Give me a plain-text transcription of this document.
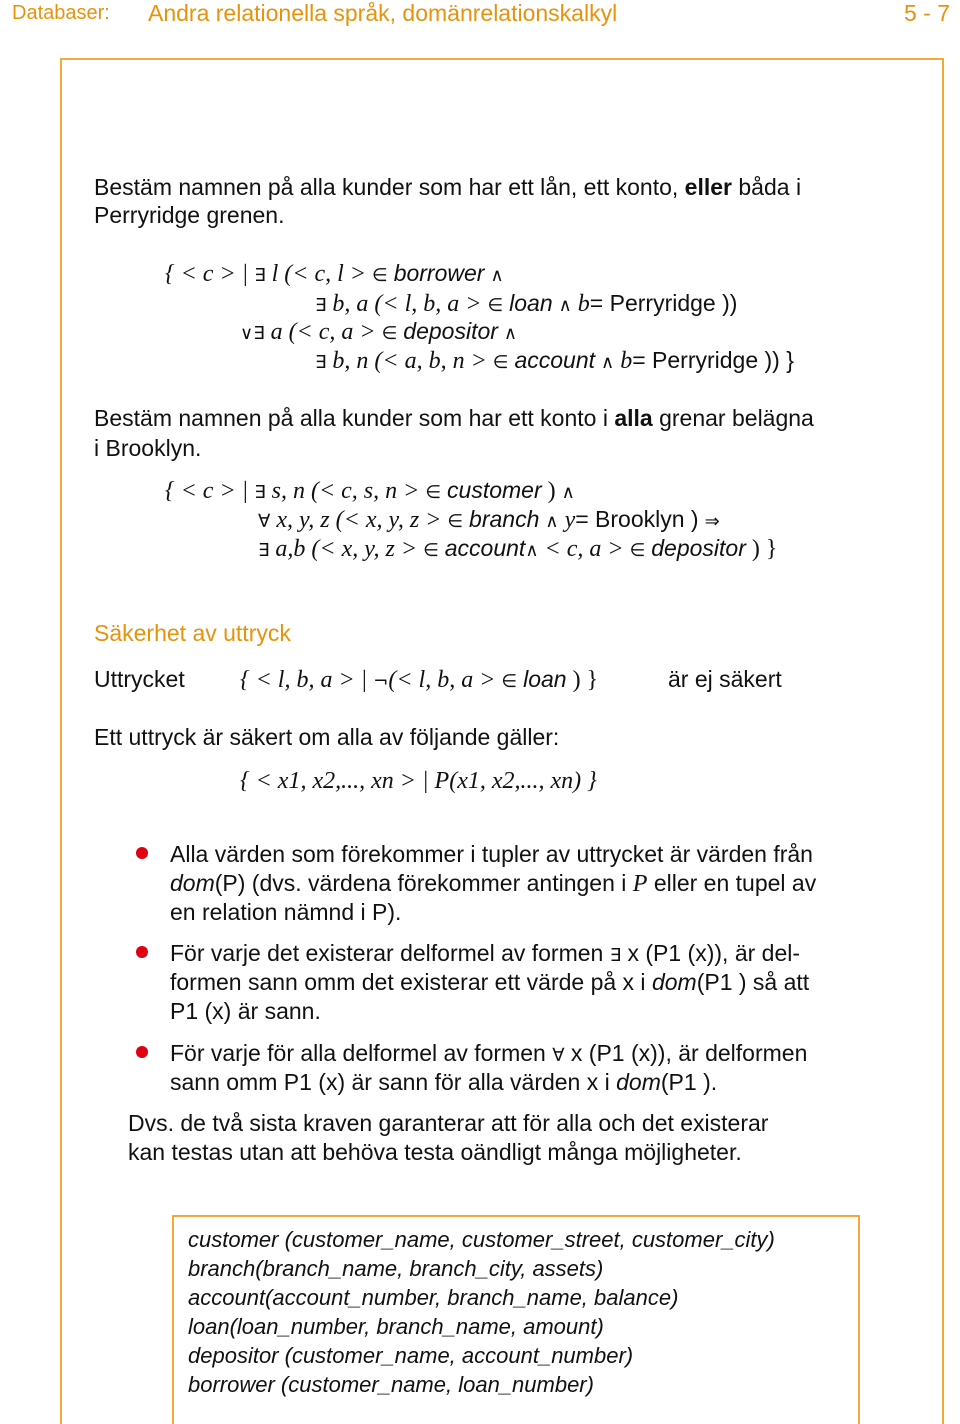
Databaser: Andra relationella språk, domänrelationskalkyl	5 - 7
Bestäm namnen på alla kunder som har ett lån, ett konto, eller båda i
Perryridge grenen.
{ < c > | ∃ l (< c, l > ∈ borrower ∧
∃ b, a (< l, b, a > ∈ loan ∧ b= Perryridge ))
∨∃ a (< c, a > ∈ depositor ∧
∃ b, n (< a, b, n > ∈ account ∧ b= Perryridge )) }
Bestäm namnen på alla kunder som har ett konto i alla grenar belägna
i Brooklyn.
{ < c > | ∃ s, n (< c, s, n > ∈ customer ) ∧
∀ x, y, z (< x, y, z > ∈ branch ∧ y= Brooklyn ) ⇒
∃ a,b (< x, y, z > ∈ account∧ < c, a > ∈ depositor ) }
Säkerhet av uttryck
Uttrycket { < l, b, a > | ¬(< l, b, a > ∈ loan ) }	är ej säkert
Ett uttryck är säkert om alla av följande gäller:
{ < x1, x2,..., xn > | P(x1, x2,..., xn) }
Alla värden som förekommer i tupler av uttrycket är värden från
dom(P) (dvs. värdena förekommer antingen i P eller en tupel av
en relation nämnd i P).
För varje det existerar delformel av formen ∃ x (P1 (x)), är del-
formen sann omm det existerar ett värde på x i dom(P1 ) så att
P1 (x) är sann.
För varje för alla delformel av formen ∀ x (P1 (x)), är delformen
sann omm P1 (x) är sann för alla värden x i dom(P1 ).
Dvs. de två sista kraven garanterar att för alla och det existerar
kan testas utan att behöva testa oändligt många möjligheter.
customer (customer_name, customer_street, customer_city)
branch(branch_name, branch_city, assets)
account(account_number, branch_name, balance)
loan(loan_number, branch_name, amount)
depositor (customer_name, account_number)
borrower (customer_name, loan_number)
